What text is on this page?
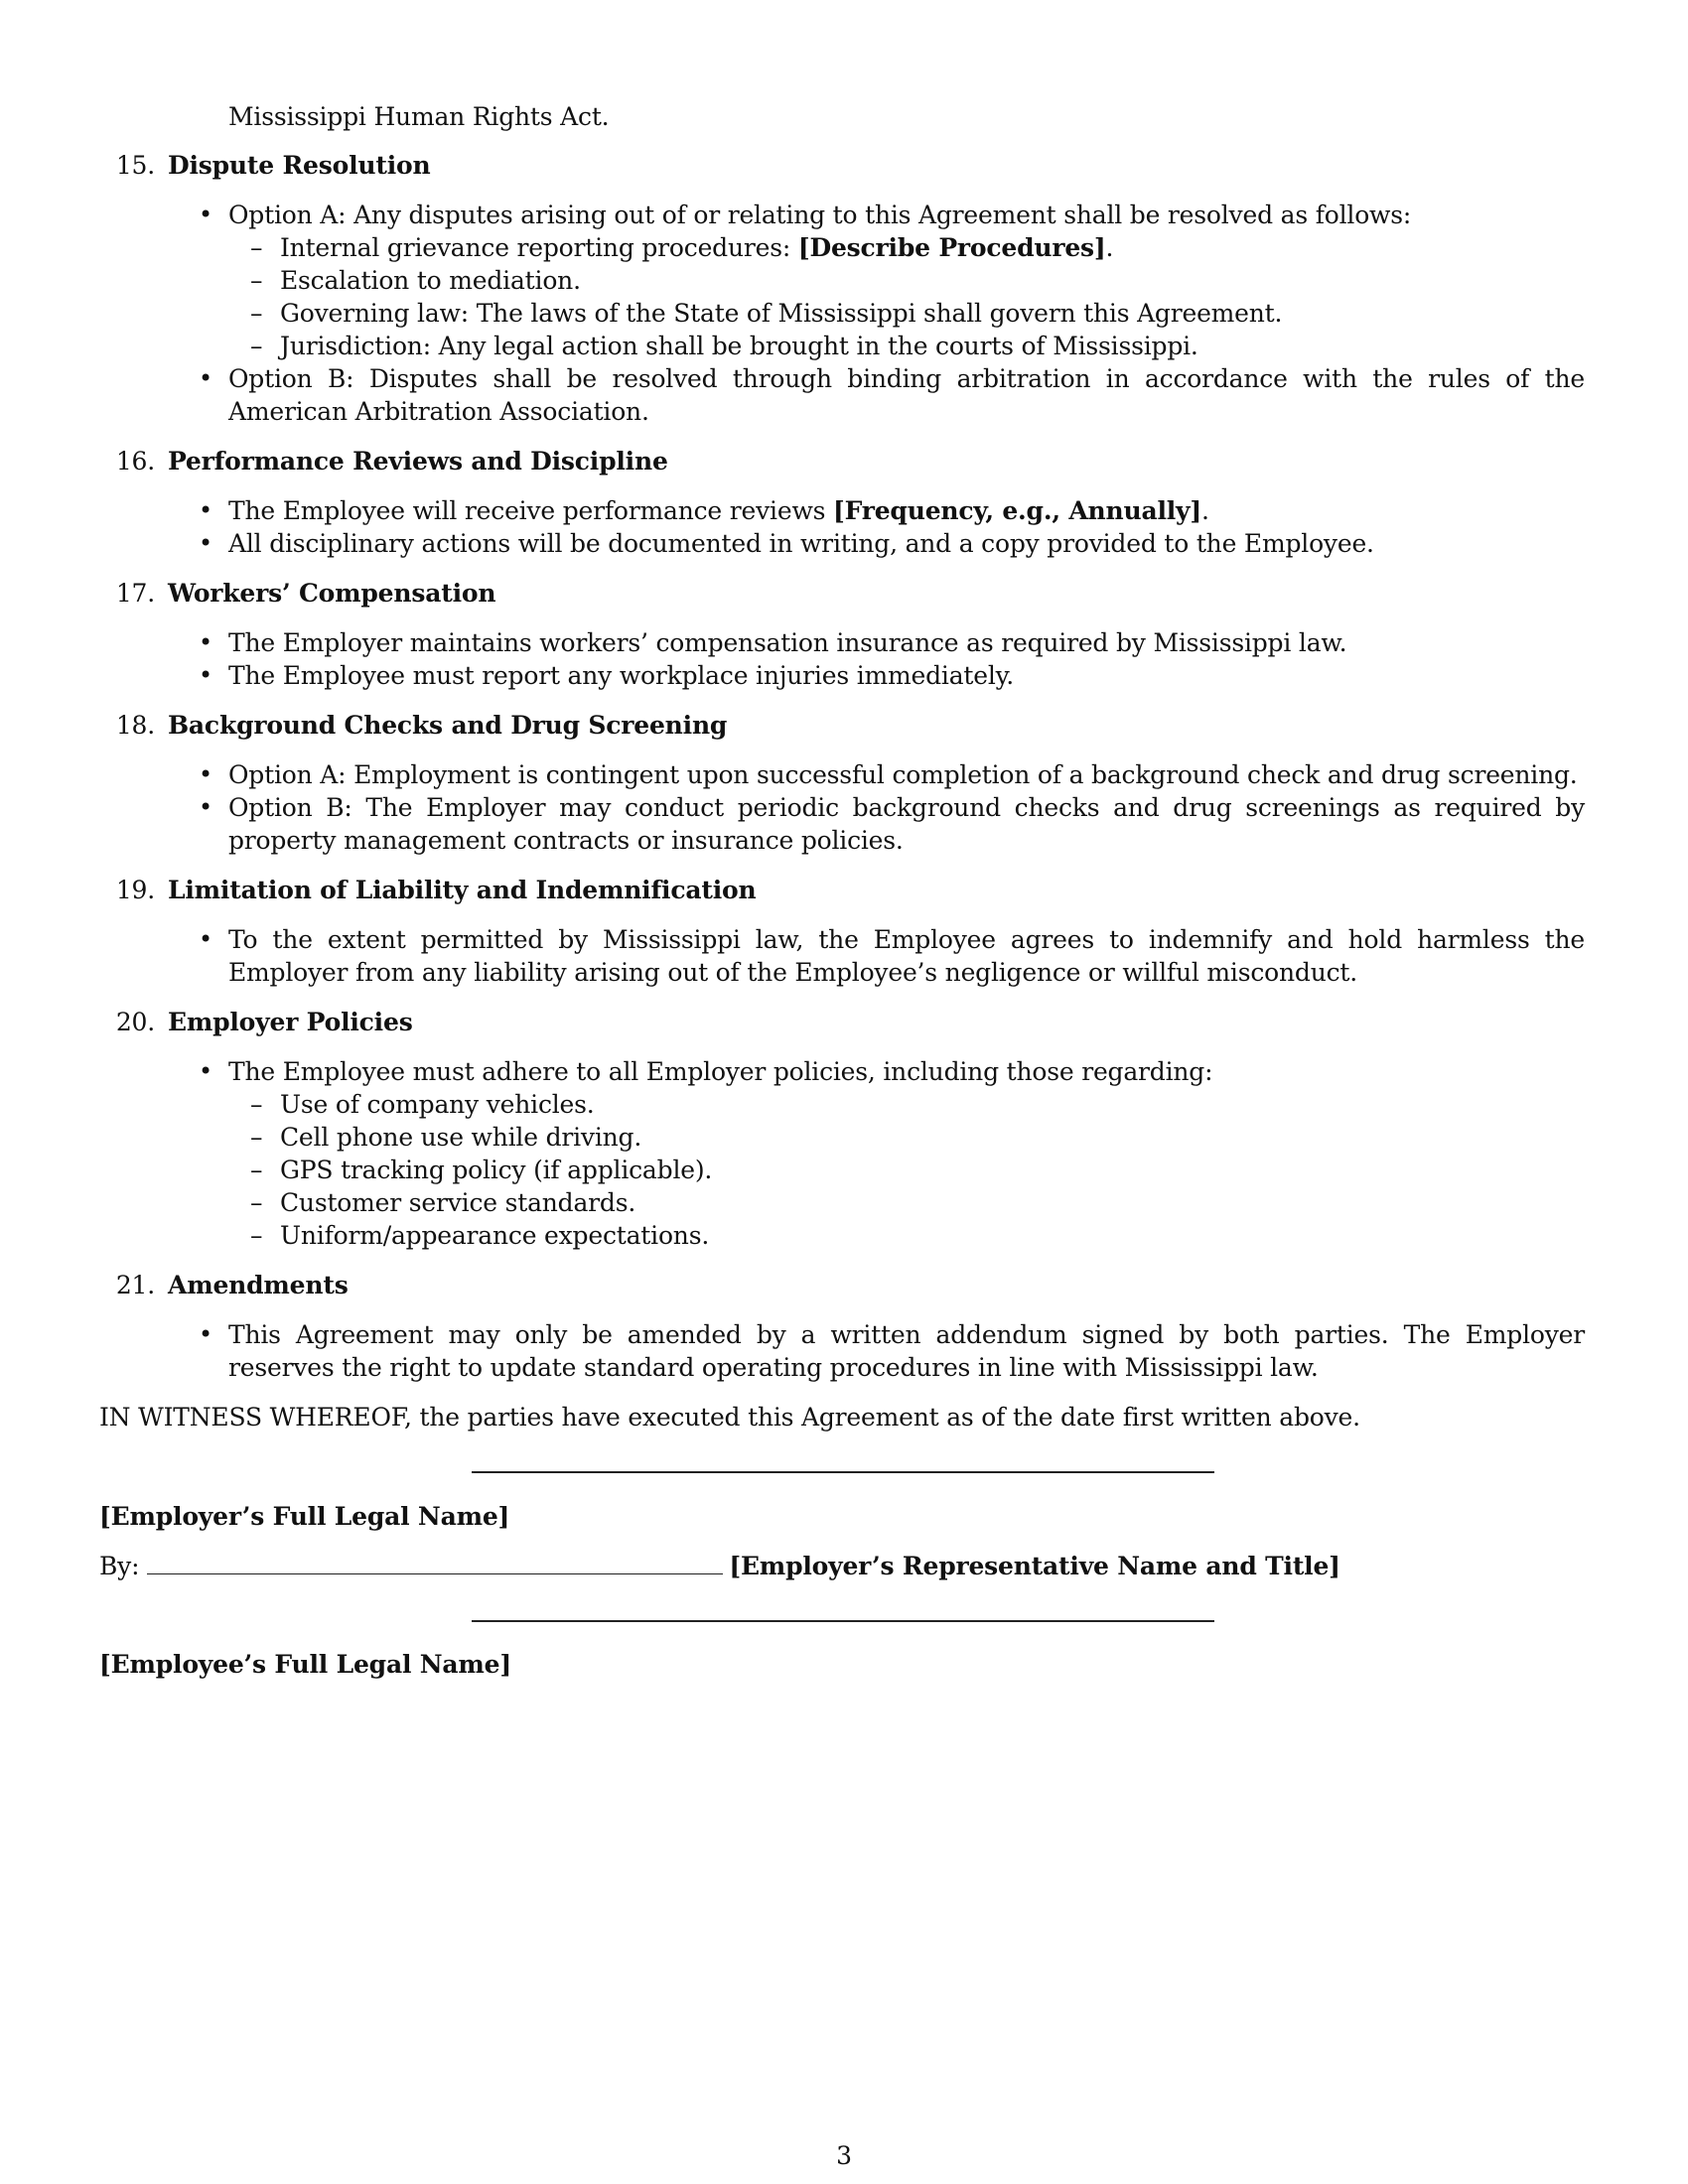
Mississippi Human Rights Act.
15. Dispute Resolution
• Option A: Any disputes arising out of or relating to this Agreement shall be resolved as follows:
– Internal grievance reporting procedures: [Describe Procedures].
– Escalation to mediation.
– Governing law: The laws of the State of Mississippi shall govern this Agreement.
– Jurisdiction: Any legal action shall be brought in the courts of Mississippi.
• Option B: Disputes shall be resolved through binding arbitration in accordance with the rules of the American Arbitration Association.
16. Performance Reviews and Discipline
• The Employee will receive performance reviews [Frequency, e.g., Annually].
• All disciplinary actions will be documented in writing, and a copy provided to the Employee.
17. Workers’ Compensation
• The Employer maintains workers’ compensation insurance as required by Mississippi law.
• The Employee must report any workplace injuries immediately.
18. Background Checks and Drug Screening
• Option A: Employment is contingent upon successful completion of a background check and drug screening.
• Option B: The Employer may conduct periodic background checks and drug screenings as required by property management contracts or insurance policies.
19. Limitation of Liability and Indemnification
• To the extent permitted by Mississippi law, the Employee agrees to indemnify and hold harmless the Employer from any liability arising out of the Employee’s negligence or willful misconduct.
20. Employer Policies
• The Employee must adhere to all Employer policies, including those regarding:
– Use of company vehicles.
– Cell phone use while driving.
– GPS tracking policy (if applicable).
– Customer service standards.
– Uniform/appearance expectations.
21. Amendments
• This Agreement may only be amended by a written addendum signed by both parties. The Employer reserves the right to update standard operating procedures in line with Mississippi law.
IN WITNESS WHEREOF, the parties have executed this Agreement as of the date first written above.
[Employer’s Full Legal Name]
By:	[Employer’s Representative Name and Title]
[Employee’s Full Legal Name]
3
